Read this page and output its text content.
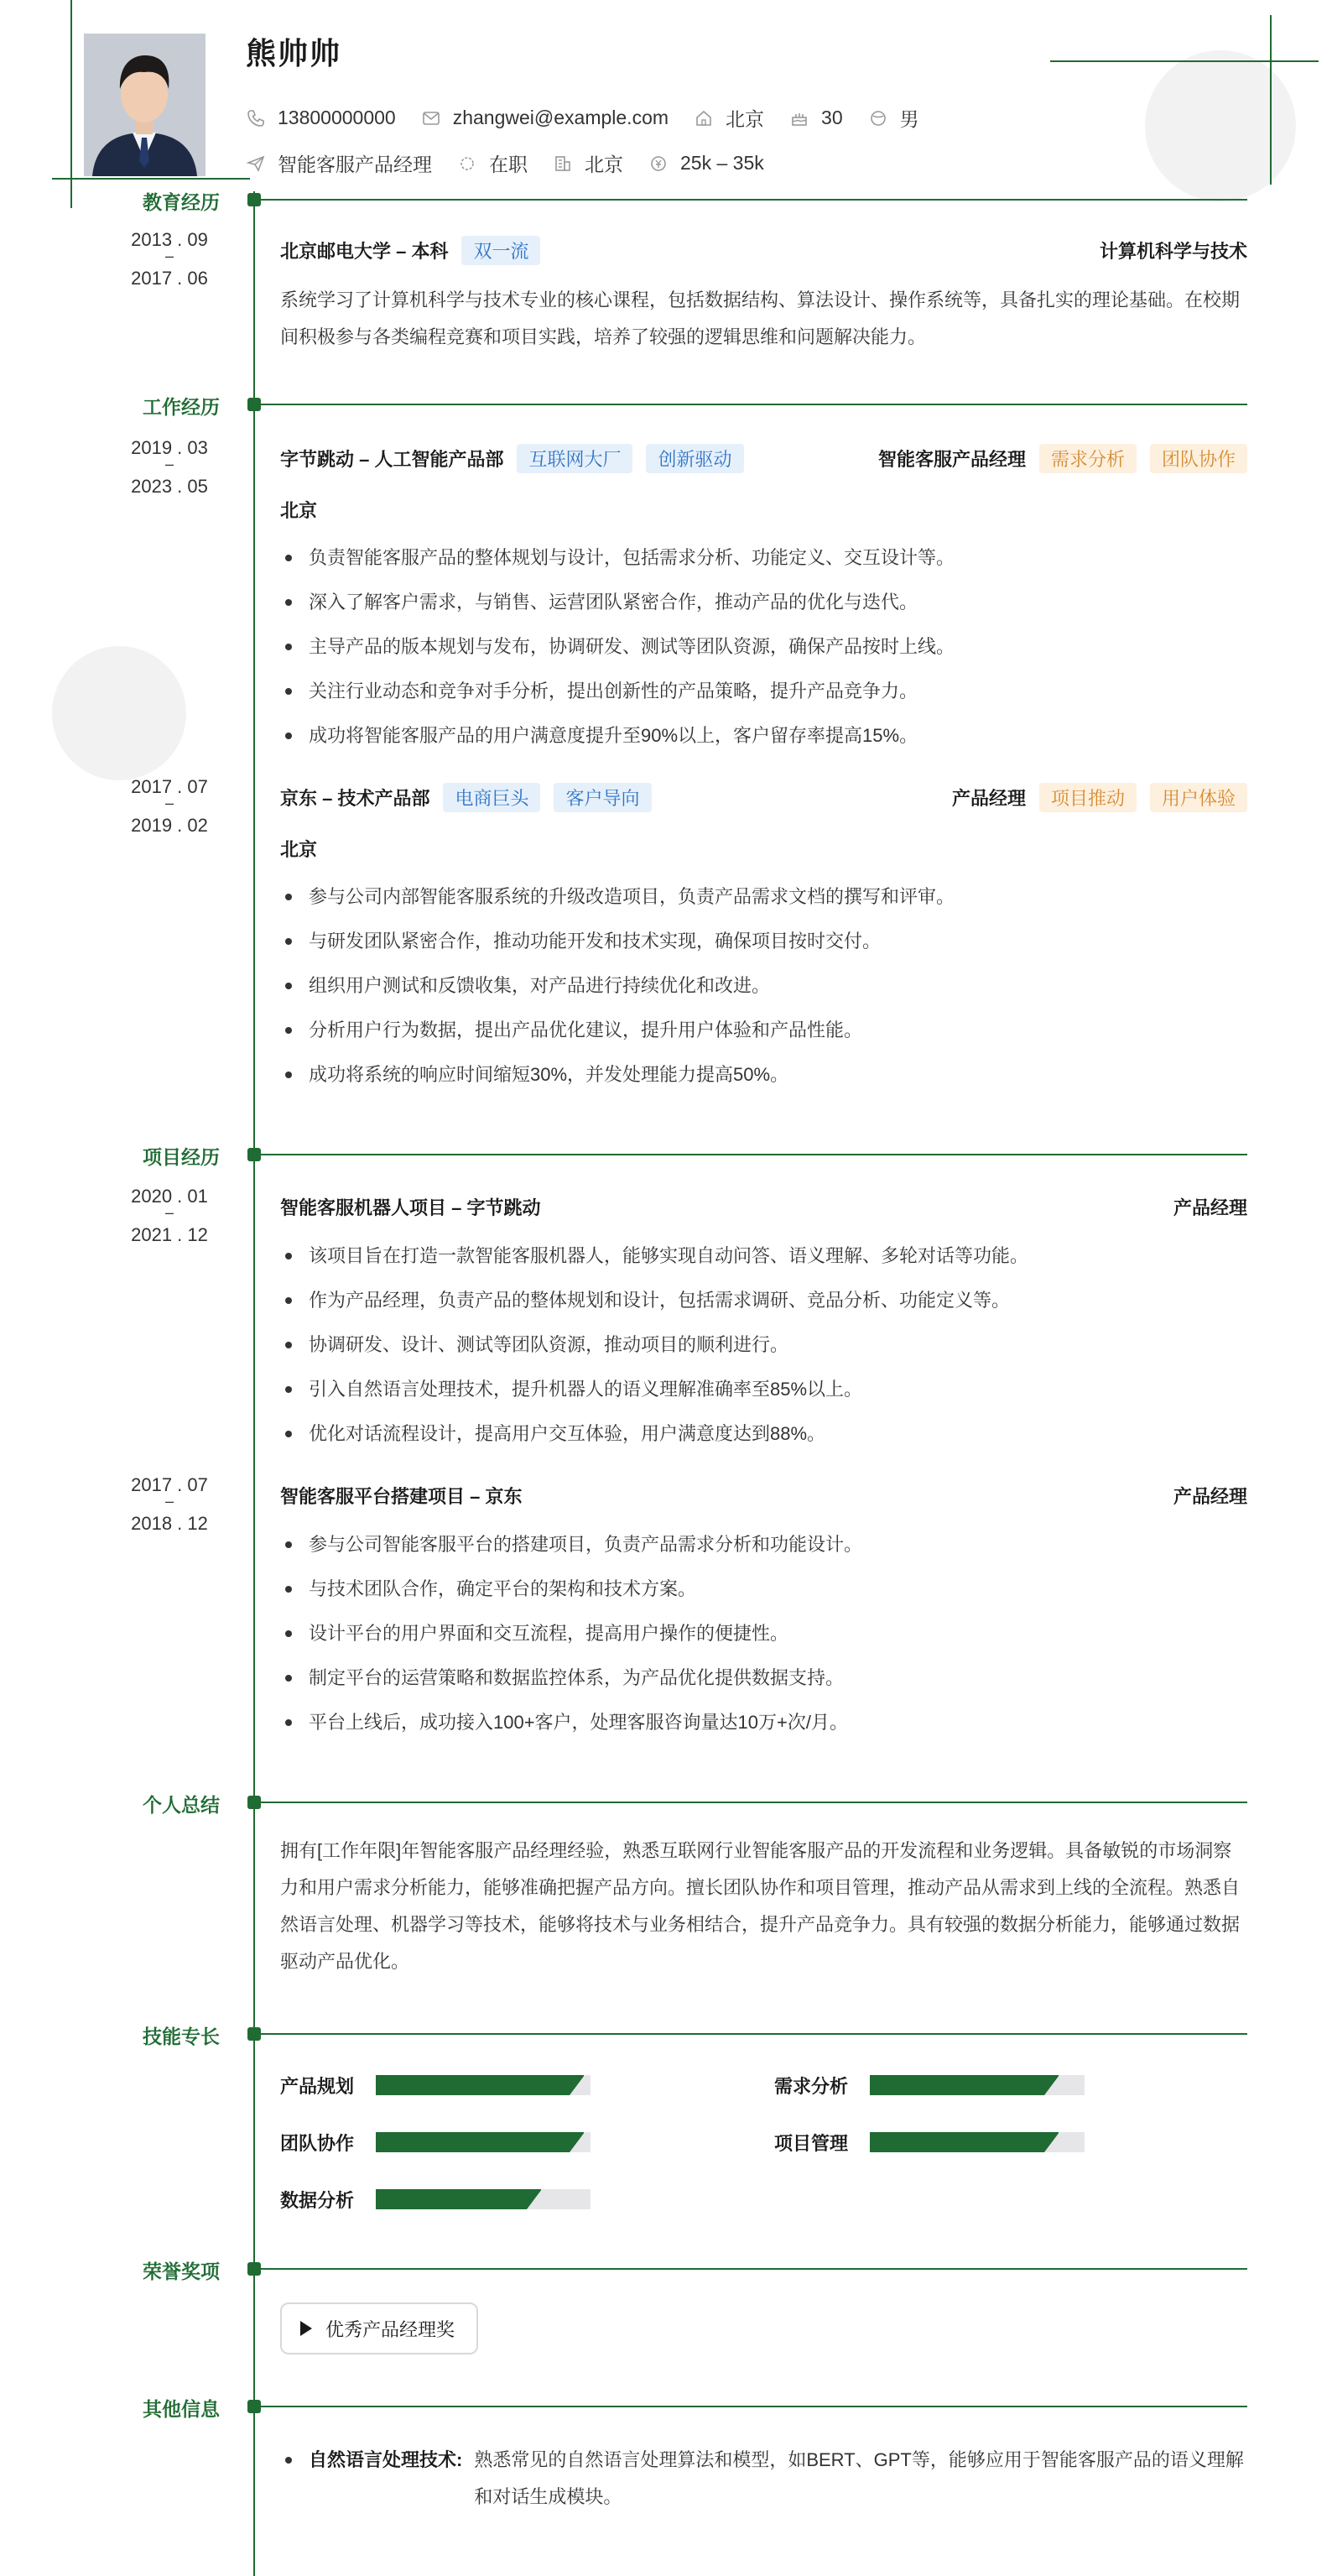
熊帅帅
13800000000	zhangwei@example.com	北京	30	男
智能客服产品经理	在职	北京	25k – 35k
教育经历
2013 . 09
–
2017 . 06
北京邮电大学 – 本科	双一流	计算机科学与技术
系统学习了计算机科学与技术专业的核心课程，包括数据结构、算法设计、操作系统等，具备扎实的理论基础。在校期间积极参与各类编程竞赛和项目实践，培养了较强的逻辑思维和问题解决能力。
工作经历
2019 . 03
–
2023 . 05
字节跳动 – 人工智能产品部	互联网大厂	创新驱动	智能客服产品经理	需求分析	团队协作
北京
负责智能客服产品的整体规划与设计，包括需求分析、功能定义、交互设计等。
深入了解客户需求，与销售、运营团队紧密合作，推动产品的优化与迭代。
主导产品的版本规划与发布，协调研发、测试等团队资源，确保产品按时上线。
关注行业动态和竞争对手分析，提出创新性的产品策略，提升产品竞争力。
成功将智能客服产品的用户满意度提升至90%以上，客户留存率提高15%。
2017 . 07
–
2019 . 02
京东 – 技术产品部	电商巨头	客户导向	产品经理	项目推动	用户体验
北京
参与公司内部智能客服系统的升级改造项目，负责产品需求文档的撰写和评审。
与研发团队紧密合作，推动功能开发和技术实现，确保项目按时交付。
组织用户测试和反馈收集，对产品进行持续优化和改进。
分析用户行为数据，提出产品优化建议，提升用户体验和产品性能。
成功将系统的响应时间缩短30%，并发处理能力提高50%。
项目经历
2020 . 01
–
2021 . 12
智能客服机器人项目 – 字节跳动	产品经理
该项目旨在打造一款智能客服机器人，能够实现自动问答、语义理解、多轮对话等功能。
作为产品经理，负责产品的整体规划和设计，包括需求调研、竞品分析、功能定义等。
协调研发、设计、测试等团队资源，推动项目的顺利进行。
引入自然语言处理技术，提升机器人的语义理解准确率至85%以上。
优化对话流程设计，提高用户交互体验，用户满意度达到88%。
2017 . 07
–
2018 . 12
智能客服平台搭建项目 – 京东	产品经理
参与公司智能客服平台的搭建项目，负责产品需求分析和功能设计。
与技术团队合作，确定平台的架构和技术方案。
设计平台的用户界面和交互流程，提高用户操作的便捷性。
制定平台的运营策略和数据监控体系，为产品优化提供数据支持。
平台上线后，成功接入100+客户，处理客服咨询量达10万+次/月。
个人总结
拥有[工作年限]年智能客服产品经理经验，熟悉互联网行业智能客服产品的开发流程和业务逻辑。具备敏锐的市场洞察力和用户需求分析能力，能够准确把握产品方向。擅长团队协作和项目管理，推动产品从需求到上线的全流程。熟悉自然语言处理、机器学习等技术，能够将技术与业务相结合，提升产品竞争力。具有较强的数据分析能力，能够通过数据驱动产品优化。
技能专长
产品规划	需求分析
团队协作	项目管理
数据分析
荣誉奖项
优秀产品经理奖
其他信息
自然语言处理技术: 熟悉常见的自然语言处理算法和模型，如BERT、GPT等，能够应用于智能客服产品的语义理解和对话生成模块。
